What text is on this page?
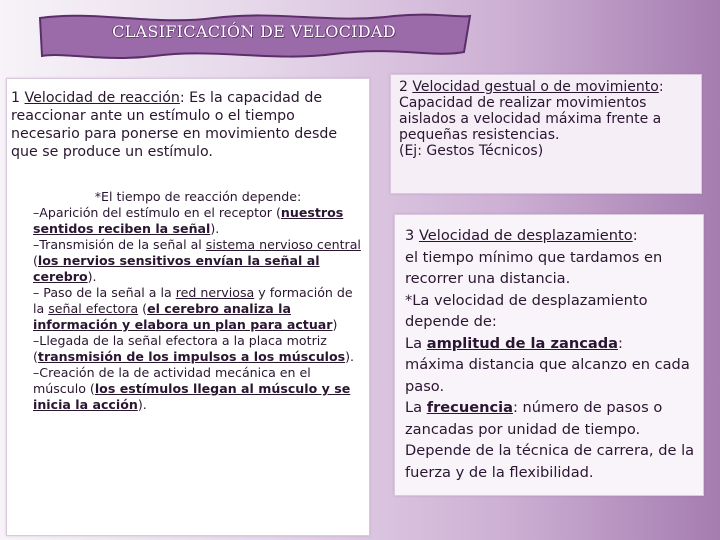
CLASIFICACIÓN DE VELOCIDAD
1 Velocidad de reacción: Es la capacidad de reaccionar ante un estímulo o el tiempo necesario para ponerse en movimiento desde que se produce un estímulo.
*El tiempo de reacción depende:
–Aparición del estímulo en el receptor (nuestros sentidos reciben la señal).
–Transmisión de la señal al sistema nervioso central (los nervios sensitivos envían la señal al cerebro).
– Paso de la señal a la red nerviosa y formación de la señal efectora (el cerebro analiza la información y elabora un plan para actuar)
–Llegada de la señal efectora a la placa motriz (transmisión de los impulsos a los músculos).
–Creación de la de actividad mecánica en el músculo (los estímulos llegan al músculo y se inicia la acción).
2 Velocidad gestual o de movimiento: Capacidad de realizar movimientos aislados a velocidad máxima frente a pequeñas resistencias.
(Ej: Gestos Técnicos)
3 Velocidad de desplazamiento:
el tiempo mínimo que tardamos en recorrer una distancia.
*La velocidad de desplazamiento depende de:
La amplitud de la zancada:
máxima distancia que alcanzo en cada paso.
La frecuencia: número de pasos o zancadas por unidad de tiempo.
Depende de la técnica de carrera, de la fuerza y de la flexibilidad.
